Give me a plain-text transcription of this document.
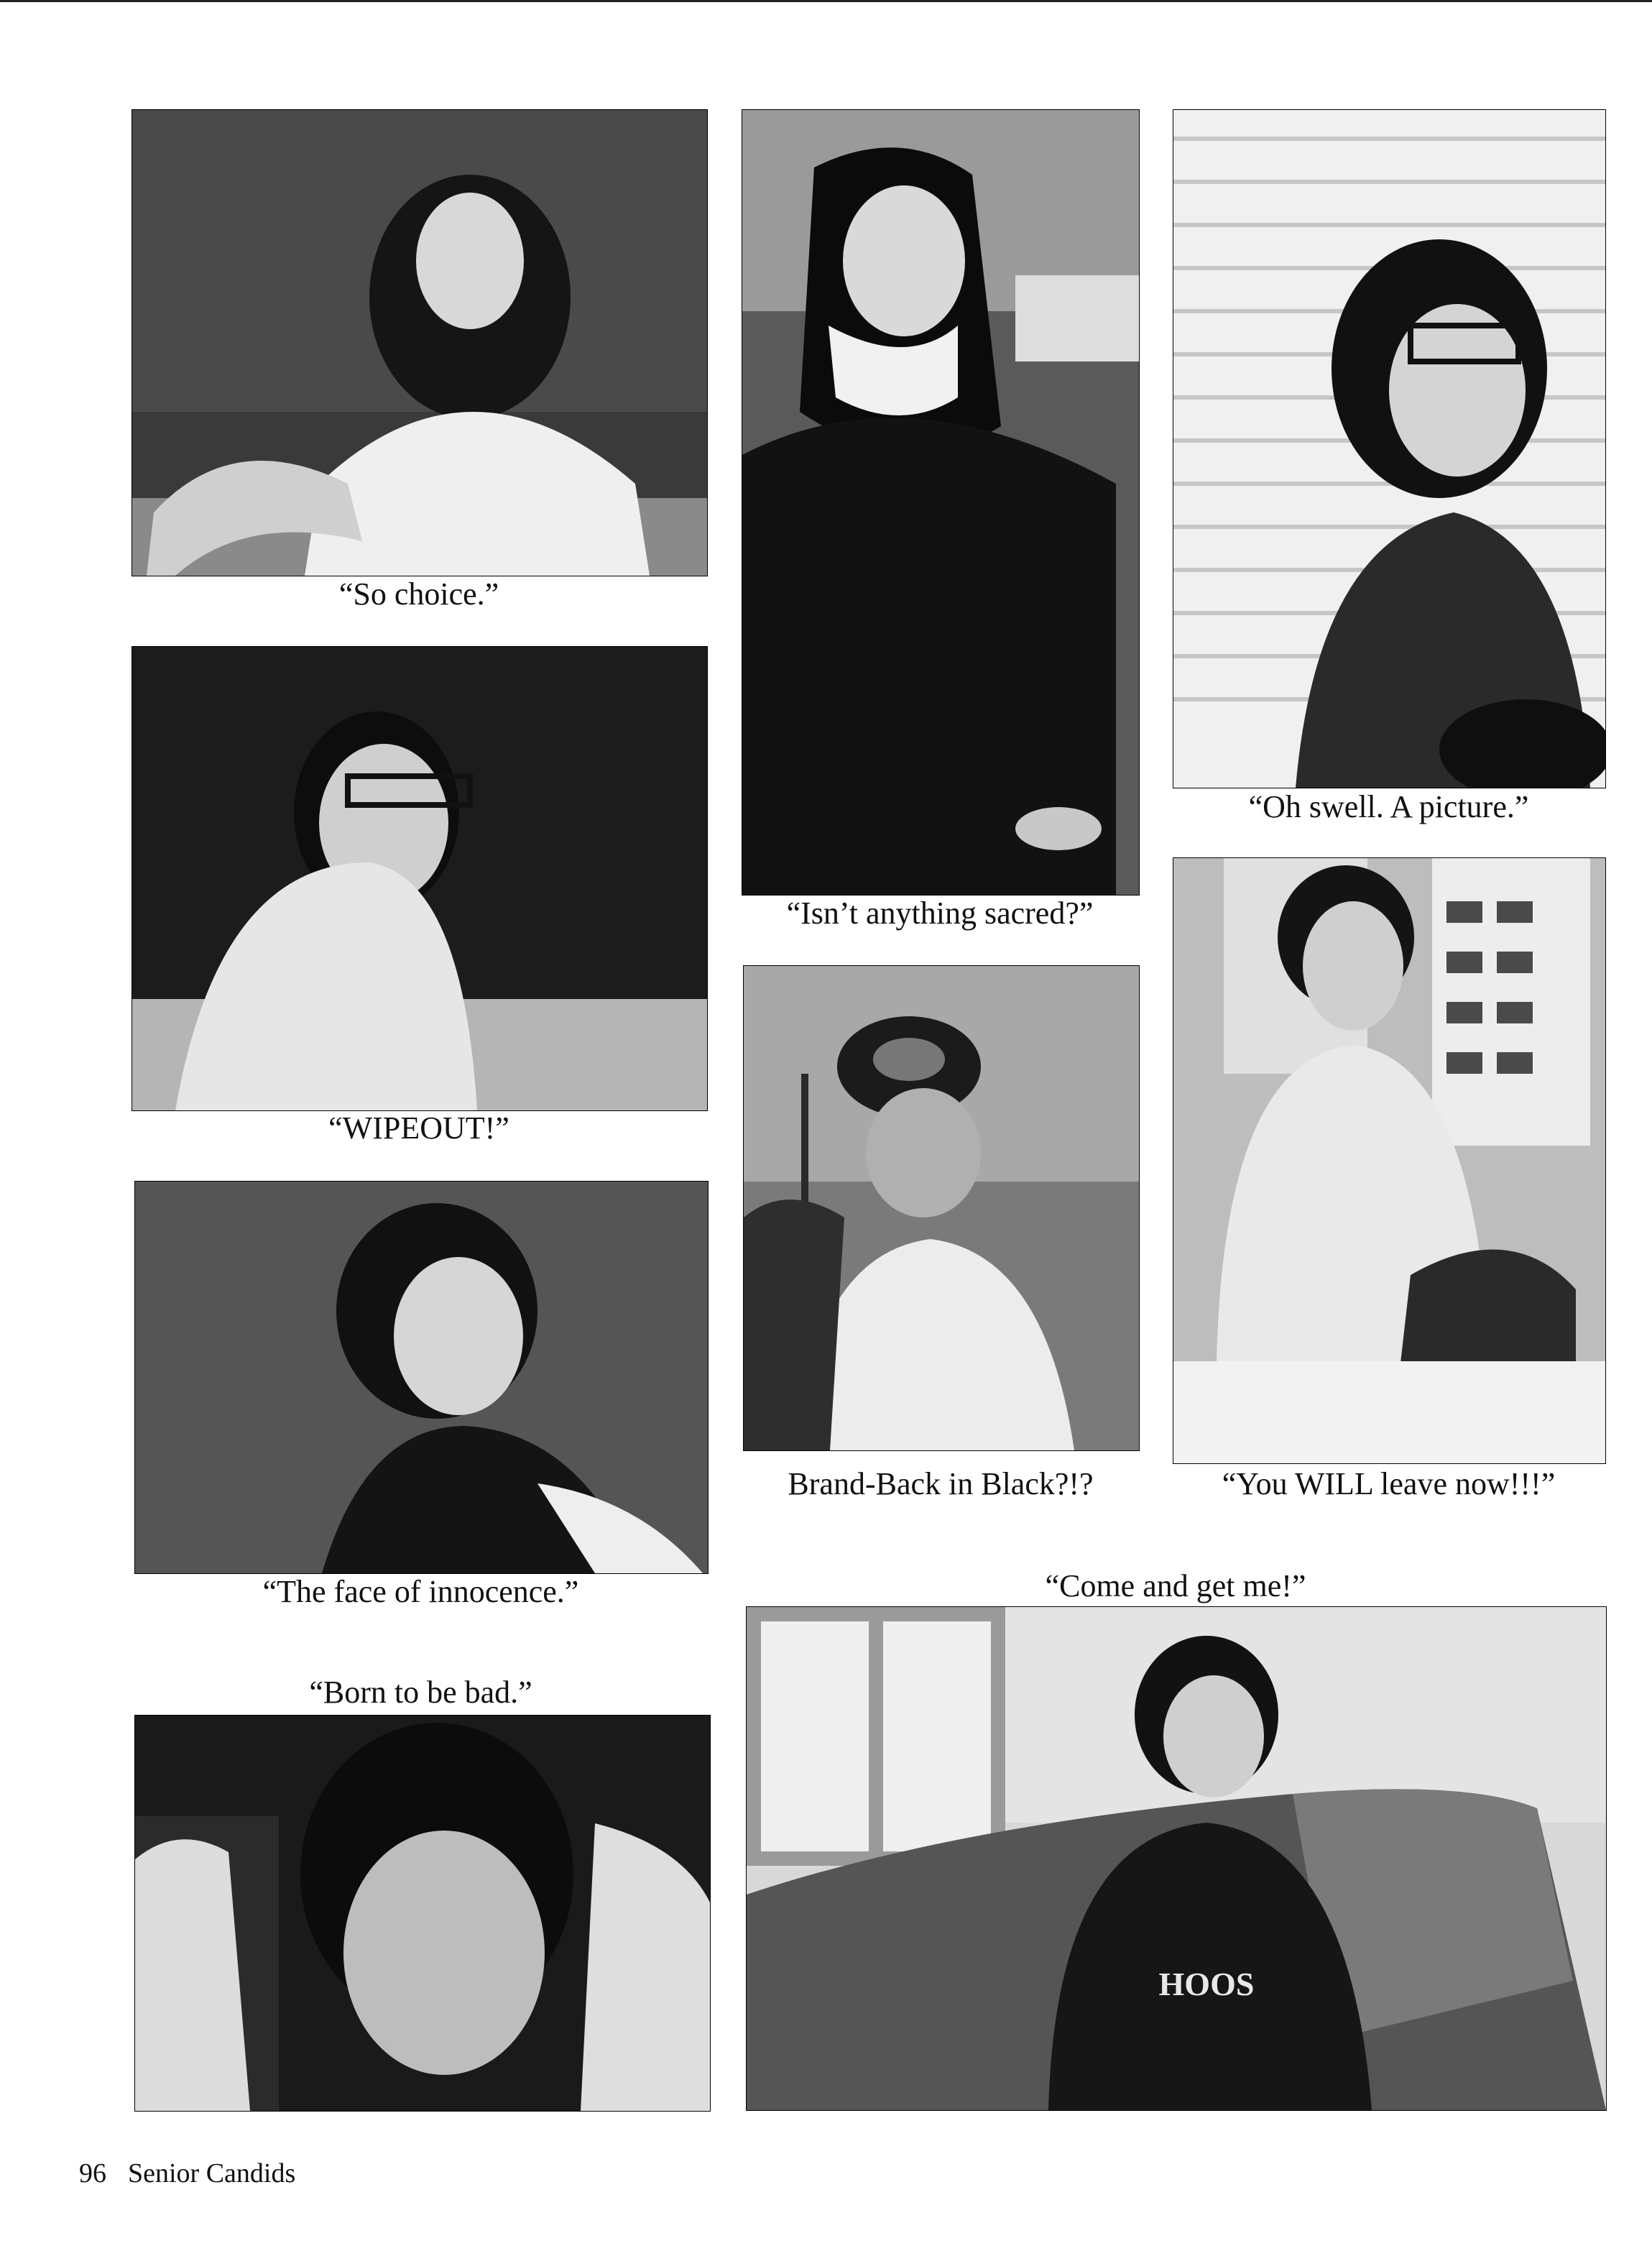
“So choice.”
“WIPEOUT!”
“The face of innocence.”
“Born to be bad.”
“Isn’t anything sacred?”
Brand-Back in Black?!?
“Come and get me!”
HOOS
“Oh swell. A picture.”
“You WILL leave now!!!”
96 Senior Candids
